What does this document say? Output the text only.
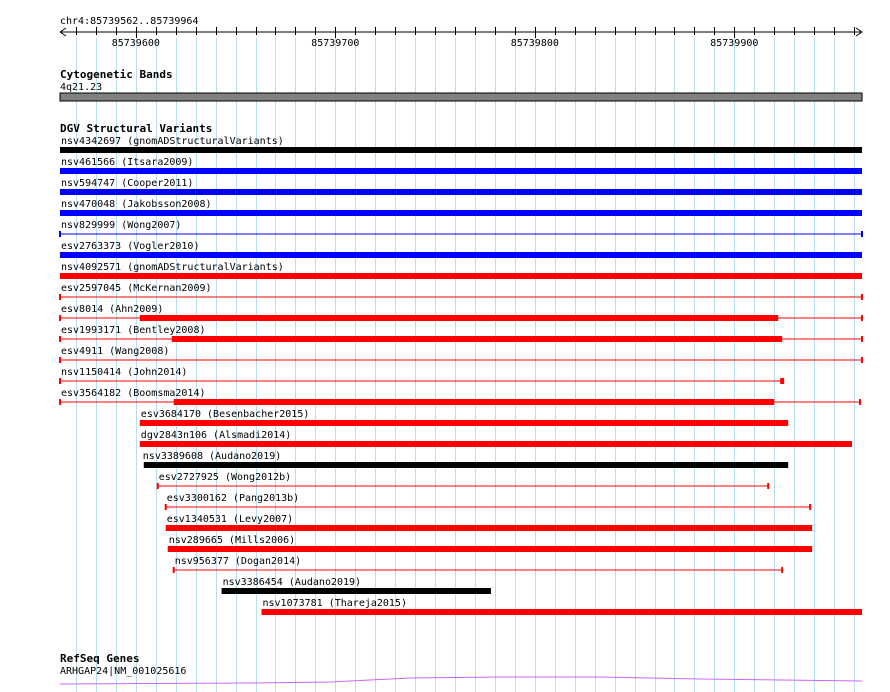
chr4:85739562..85739964
85739600	85739700	85739800	85739900
Cytogenetic Bands
4q21.23
DGV Structural Variants
nsv4342697 (gnomADStructuralVariants)
nsv461566 (Itsara2009)
nsv594747 (Cooper2011)
nsv470048 (Jakobsson2008)
nsv829999 (Wong2007)
esv2763373 (Vogler2010)
nsv4092571 (gnomADStructuralVariants)
esv2597045 (McKernan2009)
esv8014 (Ahn2009)
esv1993171 (Bentley2008)
esv4911 (Wang2008)
nsv1150414 (John2014)
esv3564182 (Boomsma2014)
esv3684170 (Besenbacher2015)
dgv2843n106 (Alsmadi2014)
nsv3389608 (Audano2019)
esv2727925 (Wong2012b)
esv3300162 (Pang2013b)
esv1340531 (Levy2007)
nsv289665 (Mills2006)
nsv956377 (Dogan2014)
nsv3386454 (Audano2019)
nsv1073781 (Thareja2015)
RefSeq Genes
ARHGAP24|NM_001025616
